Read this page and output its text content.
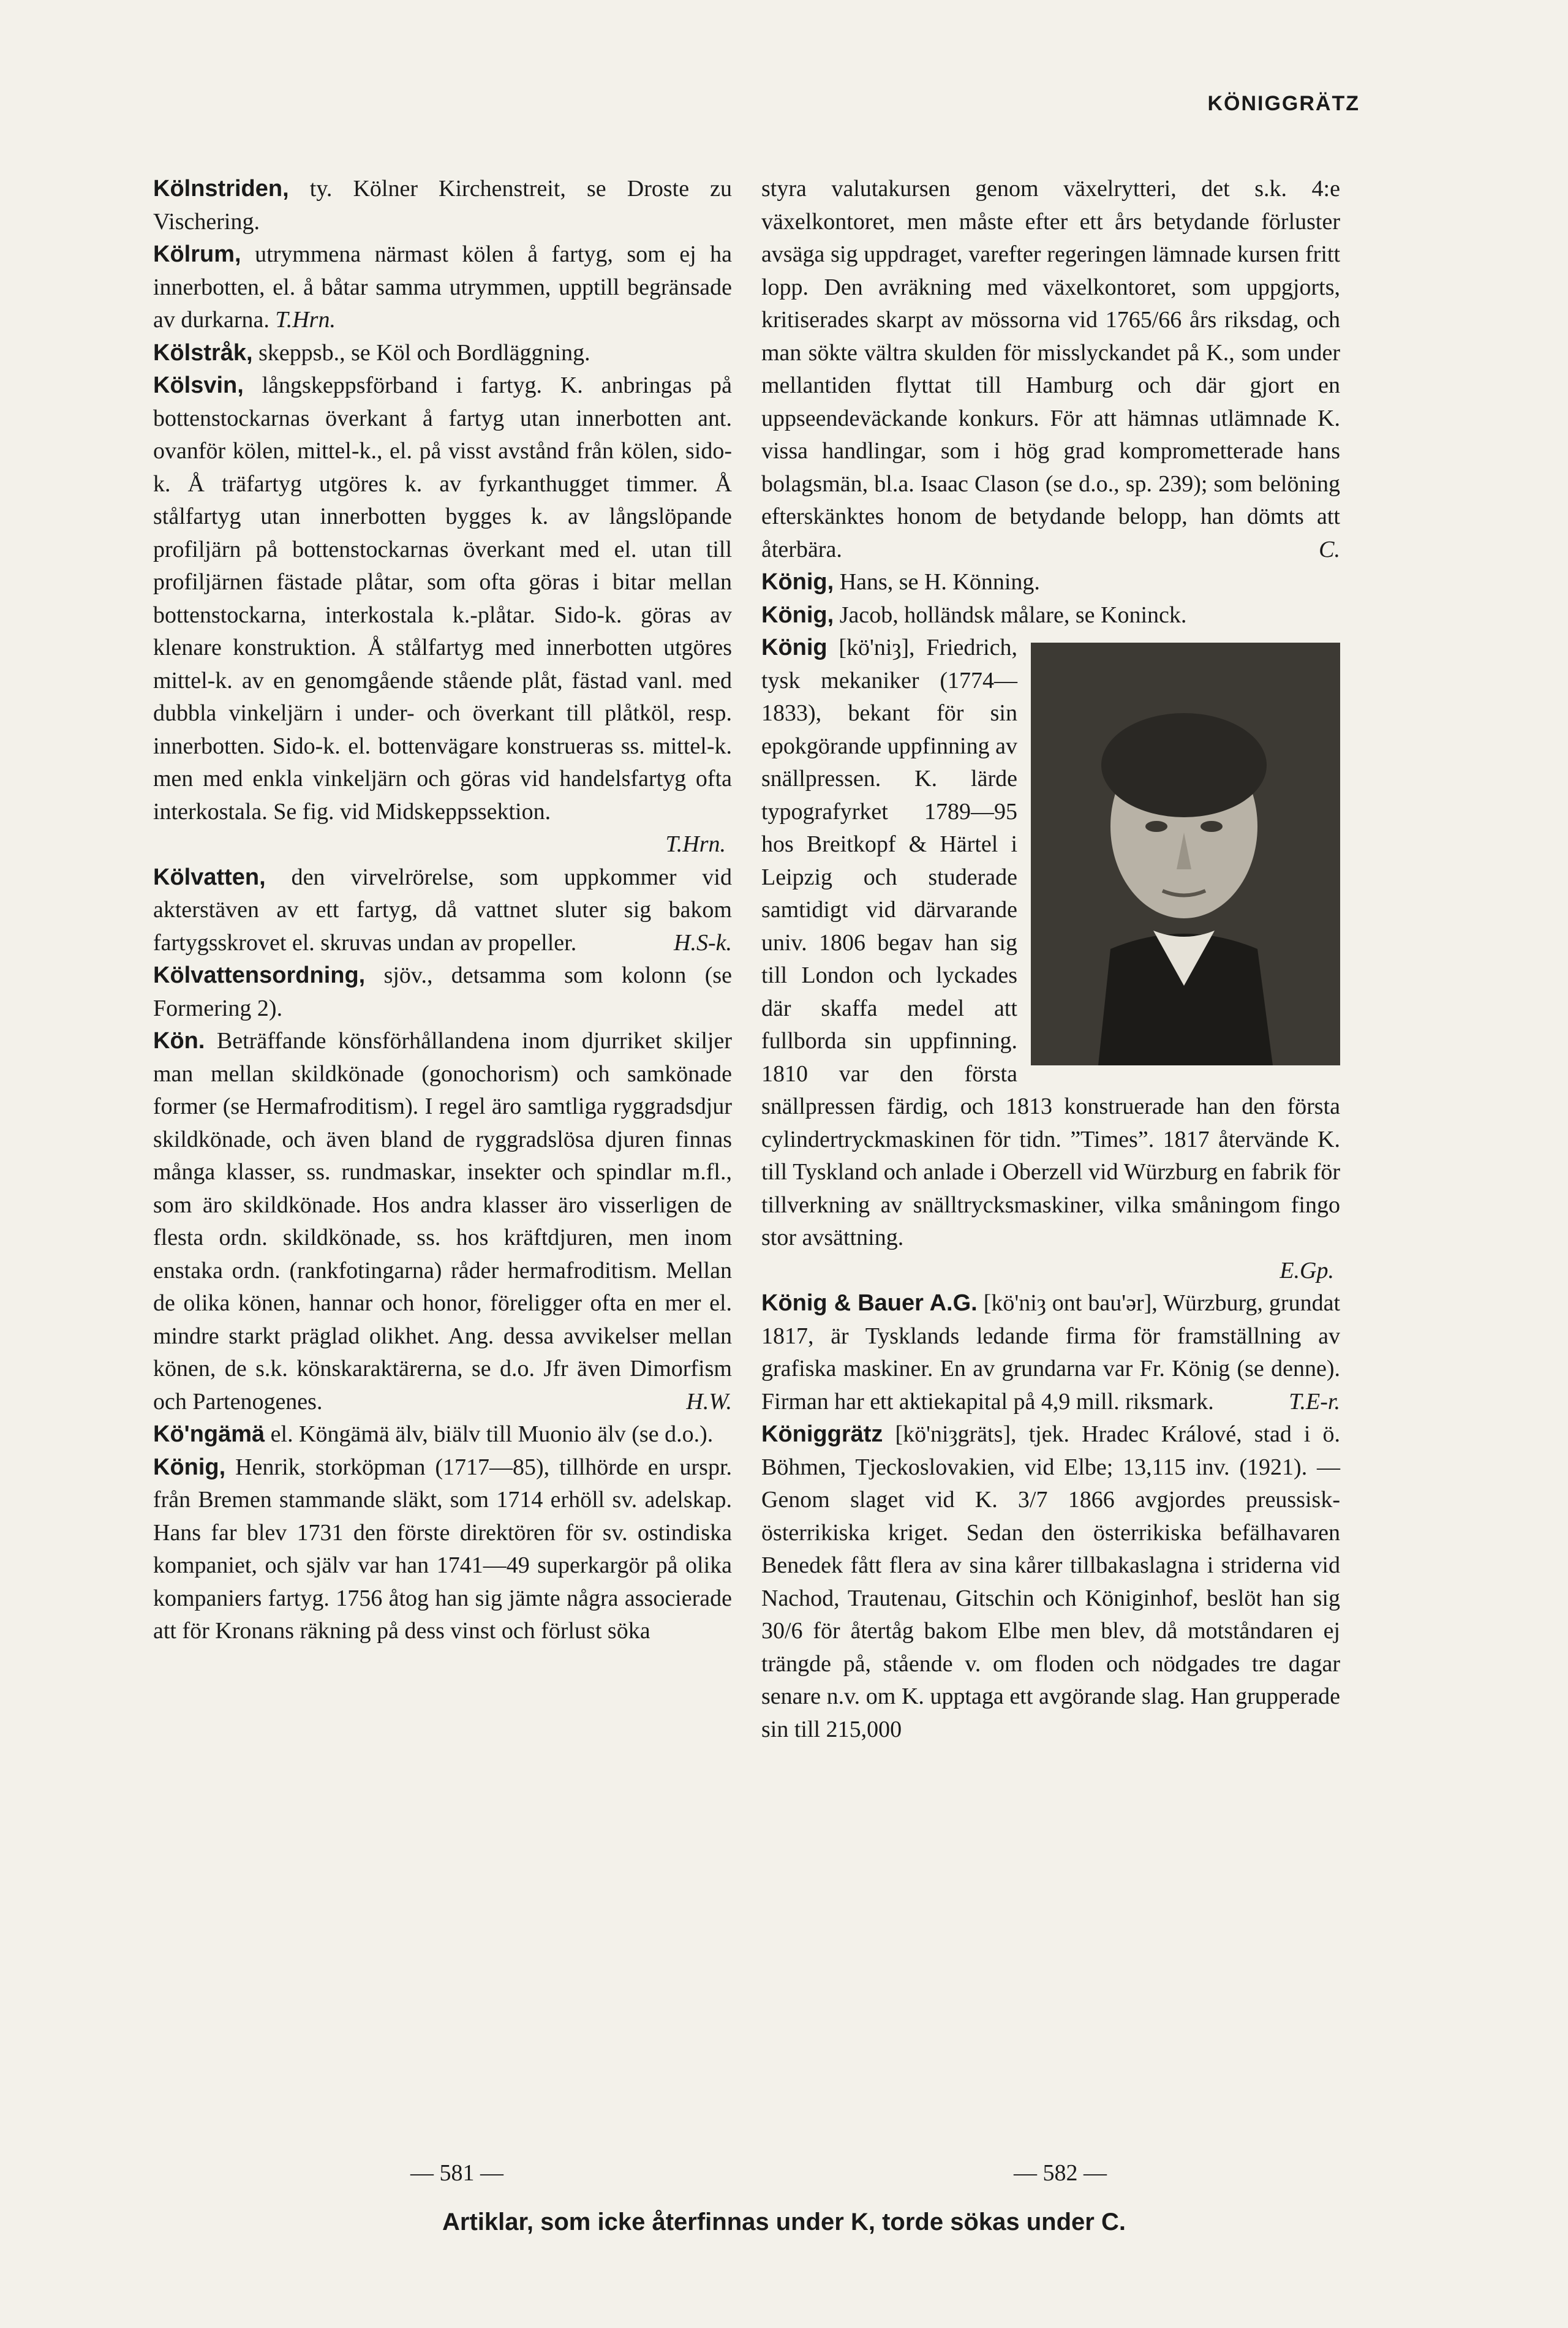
KÖNIGGRÄTZ

Kölnstriden, ty. Kölner Kirchenstreit, se Droste zu Vischering.

Kölrum, utrymmena närmast kölen å fartyg, som ej ha innerbotten, el. å båtar samma utrymmen, upptill begränsade av durkarna. T.Hrn.

Kölstråk, skeppsb., se Köl och Bordläggning.

Kölsvin, långskeppsförband i fartyg. K. anbringas på bottenstockarnas överkant å fartyg utan innerbotten ant. ovanför kölen, mittel-k., el. på visst avstånd från kölen, sido-k. Å träfartyg utgöres k. av fyrkanthugget timmer. Å stålfartyg utan innerbotten bygges k. av långslöpande profiljärn på bottenstockarnas överkant med el. utan till profiljärnen fästade plåtar, som ofta göras i bitar mellan bottenstockarna, interkostala k.-plåtar. Sido-k. göras av klenare konstruktion. Å stålfartyg med innerbotten utgöres mittel-k. av en genomgående stående plåt, fästad vanl. med dubbla vinkeljärn i under- och överkant till plåtköl, resp. innerbotten. Sido-k. el. bottenvägare konstrueras ss. mittel-k. men med enkla vinkeljärn och göras vid handelsfartyg ofta interkostala. Se fig. vid Midskeppssektion.
T.Hrn.

Kölvatten, den virvelrörelse, som uppkommer vid akterstäven av ett fartyg, då vattnet sluter sig bakom fartygsskrovet el. skruvas undan av propeller.	H.S-k.

Kölvattensordning, sjöv., detsamma som kolonn (se Formering 2).

Kön. Beträffande könsförhållandena inom djurriket skiljer man mellan skildkönade (gonochorism) och samkönade former (se Hermafroditism). I regel äro samtliga ryggradsdjur skildkönade, och även bland de ryggradslösa djuren finnas många klasser, ss. rundmaskar, insekter och spindlar m.fl., som äro skildkönade. Hos andra klasser äro visserligen de flesta ordn. skildkönade, ss. hos kräftdjuren, men inom enstaka ordn. (rankfotingarna) råder hermafroditism. Mellan de olika könen, hannar och honor, föreligger ofta en mer el. mindre starkt präglad olikhet. Ang. dessa avvikelser mellan könen, de s.k. könskaraktärerna, se d.o. Jfr även Dimorfism och Partenogenes.	H.W.

Kö'ngämä el. Köngämä älv, biälv till Muonio älv (se d.o.).

König, Henrik, storköpman (1717—85), tillhörde en urspr. från Bremen stammande släkt, som 1714 erhöll sv. adelskap. Hans far blev 1731 den förste direktören för sv. ostindiska kompaniet, och själv var han 1741—49 superkargör på olika kompaniers fartyg. 1756 åtog han sig jämte några associerade att för Kronans räkning på dess vinst och förlust söka

styra valutakursen genom växelrytteri, det s.k. 4:e växelkontoret, men måste efter ett års betydande förluster avsäga sig uppdraget, varefter regeringen lämnade kursen fritt lopp. Den avräkning med växelkontoret, som uppgjorts, kritiserades skarpt av mössorna vid 1765/66 års riksdag, och man sökte vältra skulden för misslyckandet på K., som under mellantiden flyttat till Hamburg och där gjort en uppseendeväckande konkurs. För att hämnas utlämnade K. vissa handlingar, som i hög grad komprometterade hans bolagsmän, bl.a. Isaac Clason (se d.o., sp. 239); som belöning efterskänktes honom de betydande belopp, han dömts att återbära.	C.

König, Hans, se H. Könning.

König, Jacob, holländsk målare, se Koninck.

König [kö'ni⁠ȝ], Friedrich, tysk mekaniker (1774—1833), bekant för sin epokgörande uppfinning av snällpressen. K. lärde typografyrket 1789—95 hos Breitkopf & Härtel i Leipzig och studerade samtidigt vid därvarande univ. 1806 begav han sig till London och lyckades där skaffa medel att fullborda sin uppfinning. 1810 var den första snällpressen färdig, och 1813 konstruerade han den första cylindertryckmaskinen för tidn. ”Times”. 1817 återvände K. till Tyskland och anlade i Oberzell vid Würzburg en fabrik för tillverkning av snälltrycksmaskiner, vilka småningom fingo stor avsättning.
E.Gp.

König & Bauer A.G. [kö'niȝ ont bau'ər], Würzburg, grundat 1817, är Tysklands ledande firma för framställning av grafiska maskiner. En av grundarna var Fr. König (se denne). Firman har ett aktiekapital på 4,9 mill. riksmark.	T.E-r.

Königgrätz [kö'niȝgräts], tjek. Hradec Králové, stad i ö. Böhmen, Tjeckoslovakien, vid Elbe; 13,115 inv. (1921). — Genom slaget vid K. 3/7 1866 avgjordes preussisk-österrikiska kriget. Sedan den österrikiska befälhavaren Benedek fått flera av sina kårer tillbakaslagna i striderna vid Nachod, Trautenau, Gitschin och Königinhof, beslöt han sig 30/6 för återtåg bakom Elbe men blev, då motståndaren ej trängde på, stående v. om floden och nödgades tre dagar senare n.v. om K. upptaga ett avgörande slag. Han grupperade sin till 215,000

— 581 —	— 582 —
Artiklar, som icke återfinnas under K, torde sökas under C.
